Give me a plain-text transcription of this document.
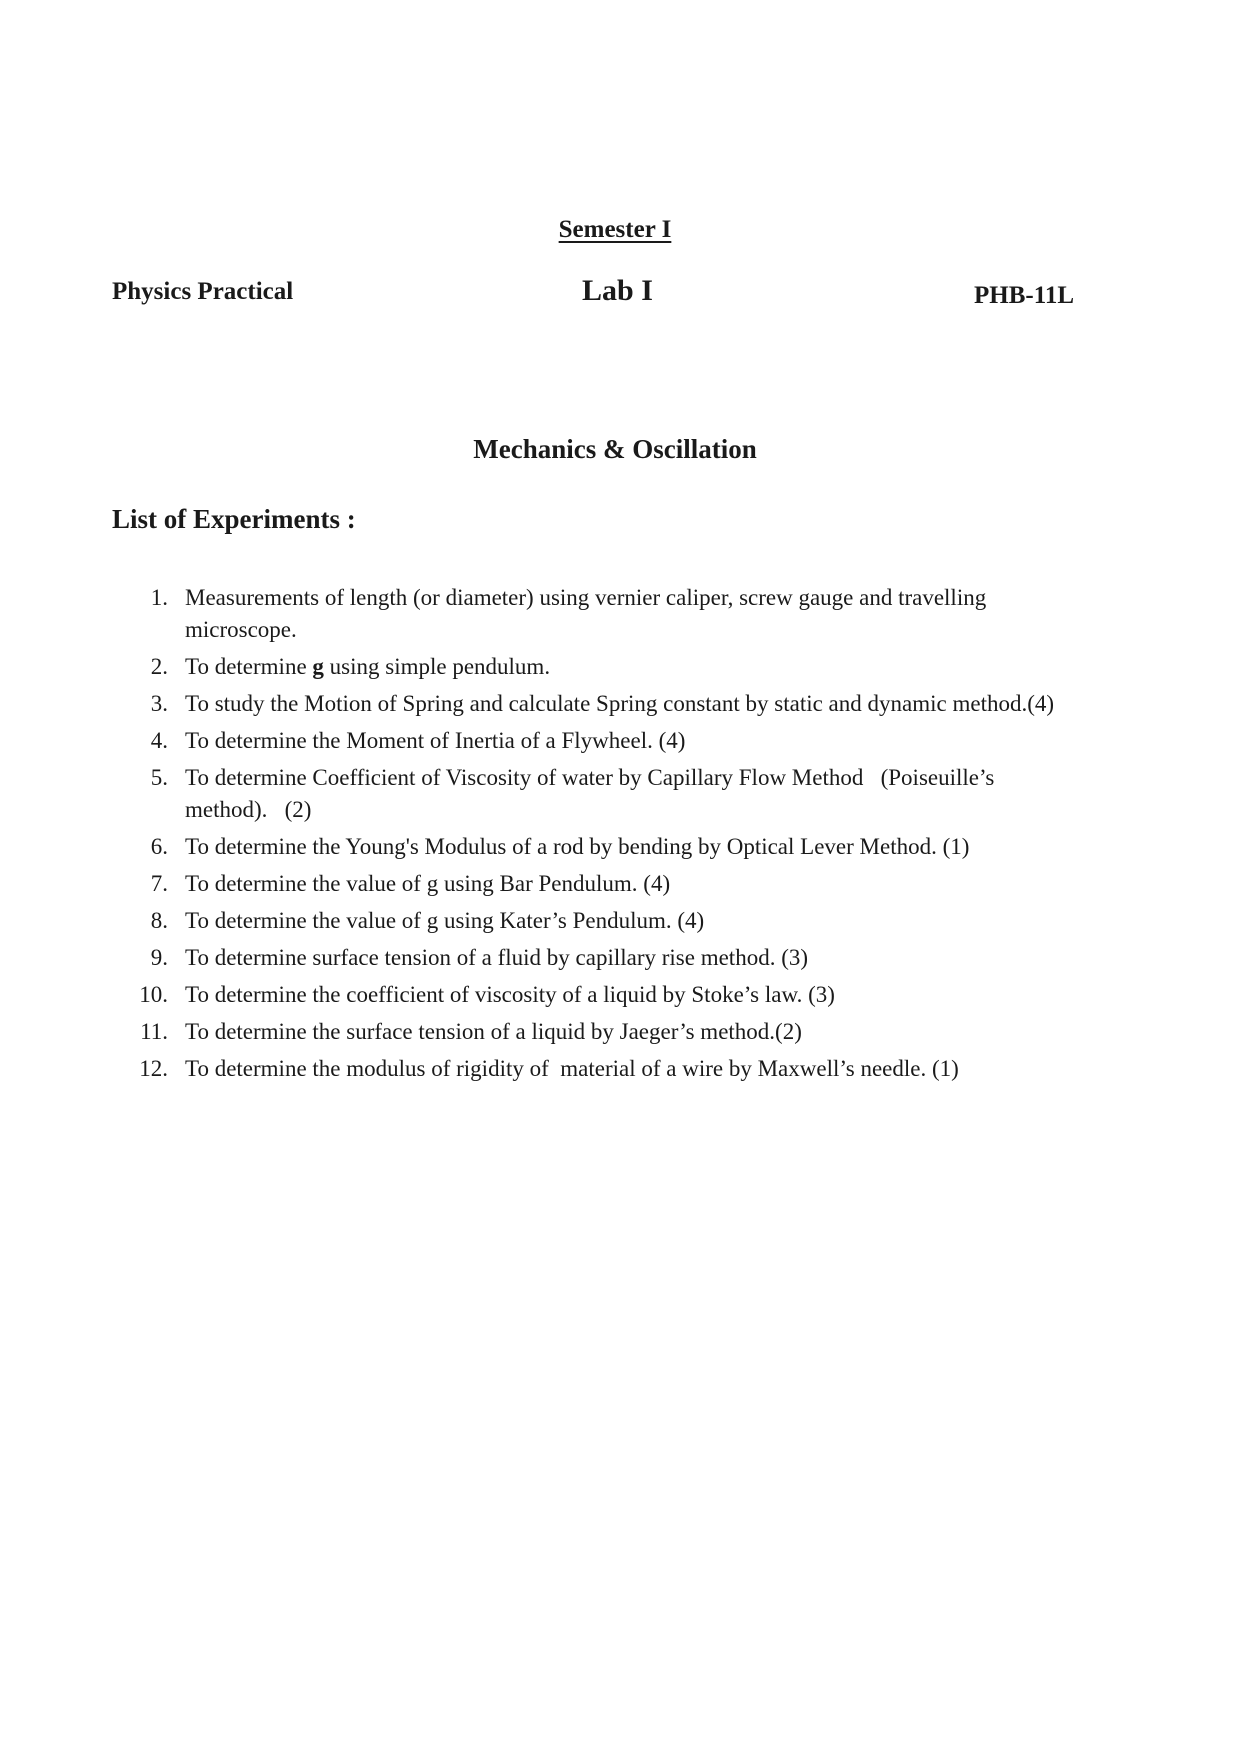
Semester I
Physics Practical	Lab I	PHB-11L
Mechanics & Oscillation
List of Experiments :
1. Measurements of length (or diameter) using vernier caliper, screw gauge and travelling microscope.
2. To determine g using simple pendulum.
3. To study the Motion of Spring and calculate Spring constant by static and dynamic method.(4)
4. To determine the Moment of Inertia of a Flywheel. (4)
5. To determine Coefficient of Viscosity of water by Capillary Flow Method   (Poiseuille’s method).   (2)
6. To determine the Young's Modulus of a rod by bending by Optical Lever Method. (1)
7. To determine the value of g using Bar Pendulum. (4)
8. To determine the value of g using Kater’s Pendulum. (4)
9. To determine surface tension of a fluid by capillary rise method. (3)
10. To determine the coefficient of viscosity of a liquid by Stoke’s law. (3)
11. To determine the surface tension of a liquid by Jaeger’s method.(2)
12. To determine the modulus of rigidity of  material of a wire by Maxwell’s needle. (1)
